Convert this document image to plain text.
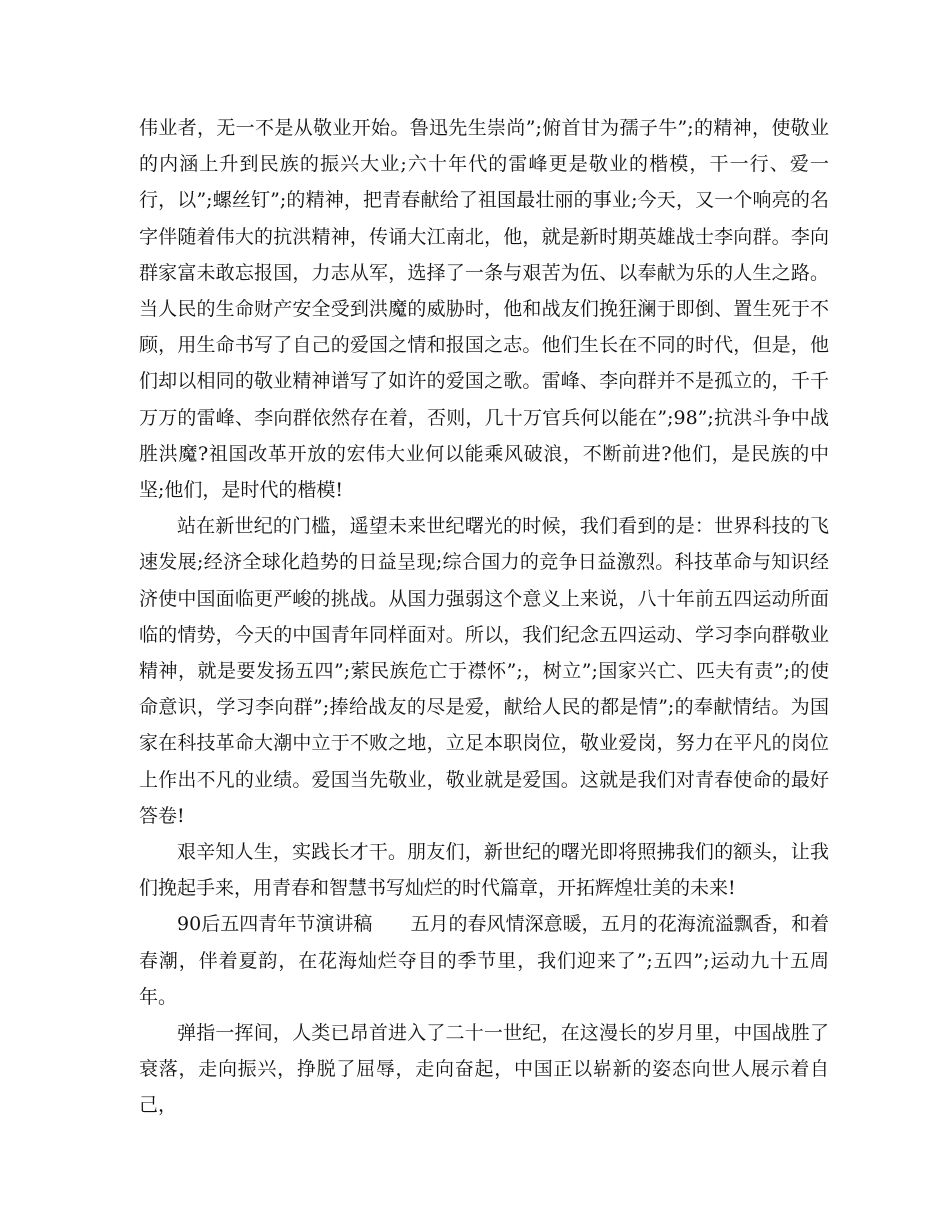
伟业者，无一不是从敬业开始。鲁迅先生崇尚”;俯首甘为孺子牛”;的精神，使敬业的内涵上升到民族的振兴大业;六十年代的雷峰更是敬业的楷模，干一行、爱一行，以”;螺丝钉”;的精神，把青春献给了祖国最壮丽的事业;今天，又一个响亮的名字伴随着伟大的抗洪精神，传诵大江南北，他，就是新时期英雄战士李向群。李向群家富未敢忘报国，力志从军，选择了一条与艰苦为伍、以奉献为乐的人生之路。当人民的生命财产安全受到洪魔的威胁时，他和战友们挽狂澜于即倒、置生死于不顾，用生命书写了自己的爱国之情和报国之志。他们生长在不同的时代，但是，他们却以相同的敬业精神谱写了如许的爱国之歌。雷峰、李向群并不是孤立的，千千万万的雷峰、李向群依然存在着，否则，几十万官兵何以能在”;98”;抗洪斗争中战胜洪魔?祖国改革开放的宏伟大业何以能乘风破浪，不断前进?他们，是民族的中坚;他们，是时代的楷模!

站在新世纪的门槛，遥望未来世纪曙光的时候，我们看到的是：世界科技的飞速发展;经济全球化趋势的日益呈现;综合国力的竞争日益激烈。科技革命与知识经济使中国面临更严峻的挑战。从国力强弱这个意义上来说，八十年前五四运动所面临的情势，今天的中国青年同样面对。所以，我们纪念五四运动、学习李向群敬业精神，就是要发扬五四”;萦民族危亡于襟怀”;，树立”;国家兴亡、匹夫有责”;的使命意识，学习李向群”;捧给战友的尽是爱，献给人民的都是情”;的奉献情结。为国家在科技革命大潮中立于不败之地，立足本职岗位，敬业爱岗，努力在平凡的岗位上作出不凡的业绩。爱国当先敬业，敬业就是爱国。这就是我们对青春使命的最好答卷!

艰辛知人生，实践长才干。朋友们，新世纪的曙光即将照拂我们的额头，让我们挽起手来，用青春和智慧书写灿烂的时代篇章，开拓辉煌壮美的未来!

90后五四青年节演讲稿 五月的春风情深意暖，五月的花海流溢飘香，和着春潮，伴着夏韵，在花海灿烂夺目的季节里，我们迎来了”;五四”;运动九十五周年。

弹指一挥间，人类已昂首进入了二十一世纪，在这漫长的岁月里，中国战胜了衰落，走向振兴，挣脱了屈辱，走向奋起，中国正以崭新的姿态向世人展示着自己，
